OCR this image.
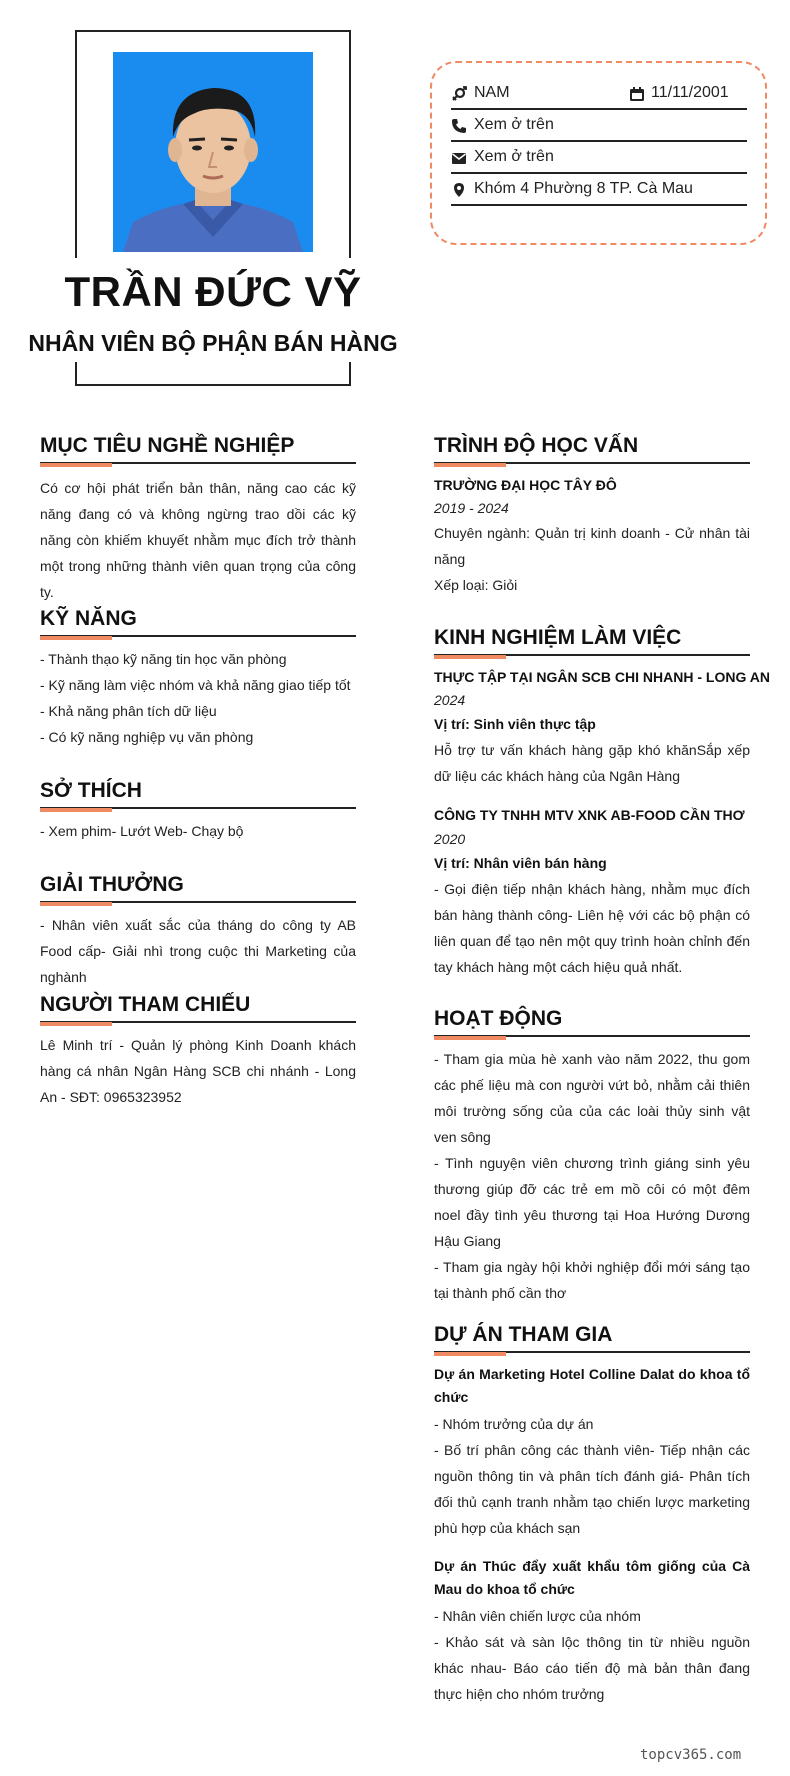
TRẦN ĐỨC VỸ
NHÂN VIÊN BỘ PHẬN BÁN HÀNG
NAM	11/11/2001
Xem ở trên
Xem ở trên
Khóm 4 Phường 8 TP. Cà Mau
MỤC TIÊU NGHỀ NGHIỆP
Có cơ hội phát triển bản thân, năng cao các kỹ năng đang có và không ngừng trao dồi các kỹ năng còn khiếm khuyết nhằm mục đích trở thành một trong những thành viên quan trọng của công ty.
KỸ NĂNG
- Thành thạo kỹ năng tin học văn phòng
- Kỹ năng làm việc nhóm và khả năng giao tiếp tốt
- Khả năng phân tích dữ liệu
- Có kỹ năng nghiệp vụ văn phòng
SỞ THÍCH
- Xem phim- Lướt Web- Chạy bộ
GIẢI THƯỞNG
- Nhân viên xuất sắc của tháng do công ty AB Food cấp- Giải nhì trong cuộc thi Marketing của nghành
NGƯỜI THAM CHIẾU
Lê Minh trí - Quản lý phòng Kinh Doanh khách hàng cá nhân Ngân Hàng SCB chi nhánh - Long An - SĐT: 0965323952
TRÌNH ĐỘ HỌC VẤN
TRƯỜNG ĐẠI HỌC TÂY ĐÔ
2019 - 2024
Chuyên ngành: Quản trị kinh doanh - Cử nhân tài năng
Xếp loại: Giỏi
KINH NGHIỆM LÀM VIỆC
THỰC TẬP TẠI NGÂN SCB CHI NHANH - LONG AN
2024
Vị trí: Sinh viên thực tập
Hỗ trợ tư vấn khách hàng gặp khó khănSắp xếp dữ liệu các khách hàng của Ngân Hàng
CÔNG TY TNHH MTV XNK AB-FOOD CẦN THƠ
2020
Vị trí: Nhân viên bán hàng
- Gọi điện tiếp nhận khách hàng, nhằm mục đích bán hàng thành công- Liên hệ với các bộ phận có liên quan để tạo nên một quy trình hoàn chỉnh đến tay khách hàng một cách hiệu quả nhất.
HOẠT ĐỘNG
- Tham gia mùa hè xanh vào năm 2022, thu gom các phế liệu mà con người vứt bỏ, nhằm cải thiên môi trường sống của của các loài thủy sinh vật ven sông
- Tình nguyện viên chương trình giáng sinh yêu thương giúp đỡ các trẻ em mồ côi có một đêm noel đầy tình yêu thương tại Hoa Hướng Dương Hậu Giang
- Tham gia ngày hội khởi nghiệp đổi mới sáng tạo tại thành phố cần thơ
DỰ ÁN THAM GIA
Dự án Marketing Hotel Colline Dalat do khoa tổ chức
- Nhóm trưởng của dự án
- Bố trí phân công các thành viên- Tiếp nhận các nguồn thông tin và phân tích đánh giá- Phân tích đối thủ cạnh tranh nhằm tạo chiến lược marketing phù hợp của khách sạn
Dự án Thúc đẩy xuất khẩu tôm giống của Cà Mau do khoa tổ chức
- Nhân viên chiến lược của nhóm
- Khảo sát và sàn lộc thông tin từ nhiều nguồn khác nhau- Báo cáo tiến độ mà bản thân đang thực hiện cho nhóm trưởng
topcv365.com
